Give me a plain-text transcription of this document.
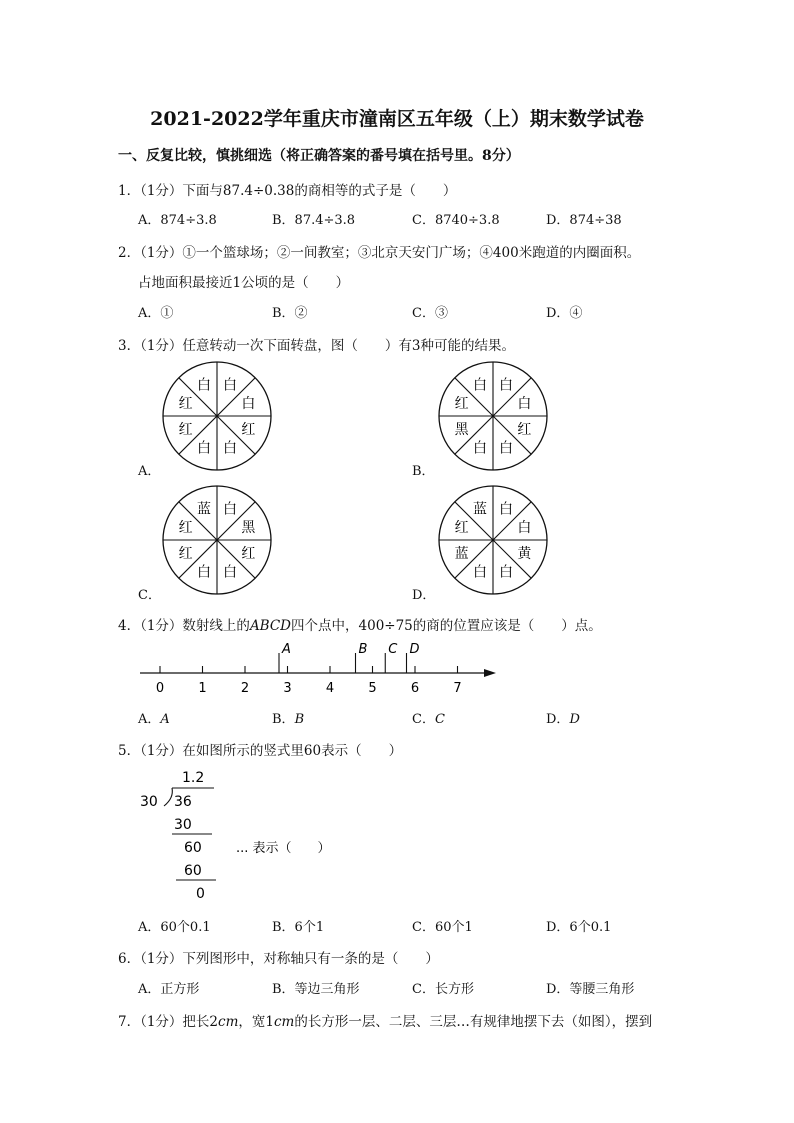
2021-2022学年重庆市潼南区五年级（上）期末数学试卷
一、反复比较，慎挑细选（将正确答案的番号填在括号里。8分）
1．（1分）下面与87.4÷0.38的商相等的式子是（　　）
A．874÷3.8	B．87.4÷3.8	C．8740÷3.8	D．874÷38
2．（1分）①一个篮球场；②一间教室；③北京天安门广场；④400米跑道的内圈面积。
占地面积最接近1公顷的是（　　）
A．①	B．②	C．③	D．④
3．（1分）任意转动一次下面转盘，图（　　）有3种可能的结果。
A．	B．
C．	D．
红
白 白
白
红
白
白
红
红
白 白
白
红
白
白
黑
红
蓝 白
黑
红
白
白
红
红
蓝 白
白
黄
白
白
蓝
4．（1分）数射线上的ABCD四个点中，400÷75的商的位置应该是（　　）点。
0	1	2	3	4	5	6	7
A	B C D
A．A	B．B	C．C	D．D
5．（1分）在如图所示的竖式里60表示（　　）
1.2
30 36
30
60	... 表示（　　）
60
0
A．60个0.1	B．6个1	C．60个1	D．6个0.1
6．（1分）下列图形中，对称轴只有一条的是（　　）
A．正方形	B．等边三角形	C．长方形	D．等腰三角形
7．（1分）把长2cm，宽1cm的长方形一层、二层、三层…有规律地摆下去（如图），摆到
